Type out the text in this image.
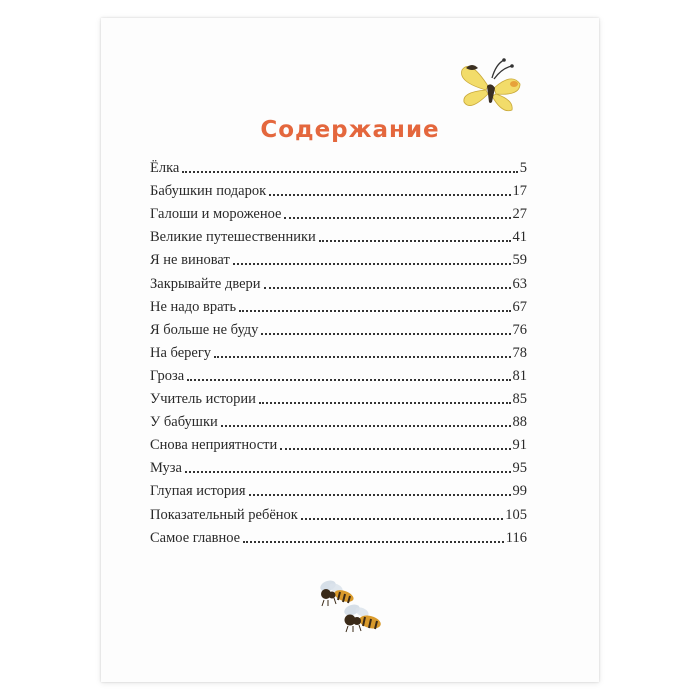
Содержание
Ёлка	5
Бабушкин подарок	17
Галоши и мороженое	27
Великие путешественники	41
Я не виноват	59
Закрывайте двери	63
Не надо врать	67
Я больше не буду	76
На берегу	78
Гроза	81
Учитель истории	85
У бабушки	88
Снова неприятности	91
Муза	95
Глупая история	99
Показательный ребёнок	105
Самое главное	116
